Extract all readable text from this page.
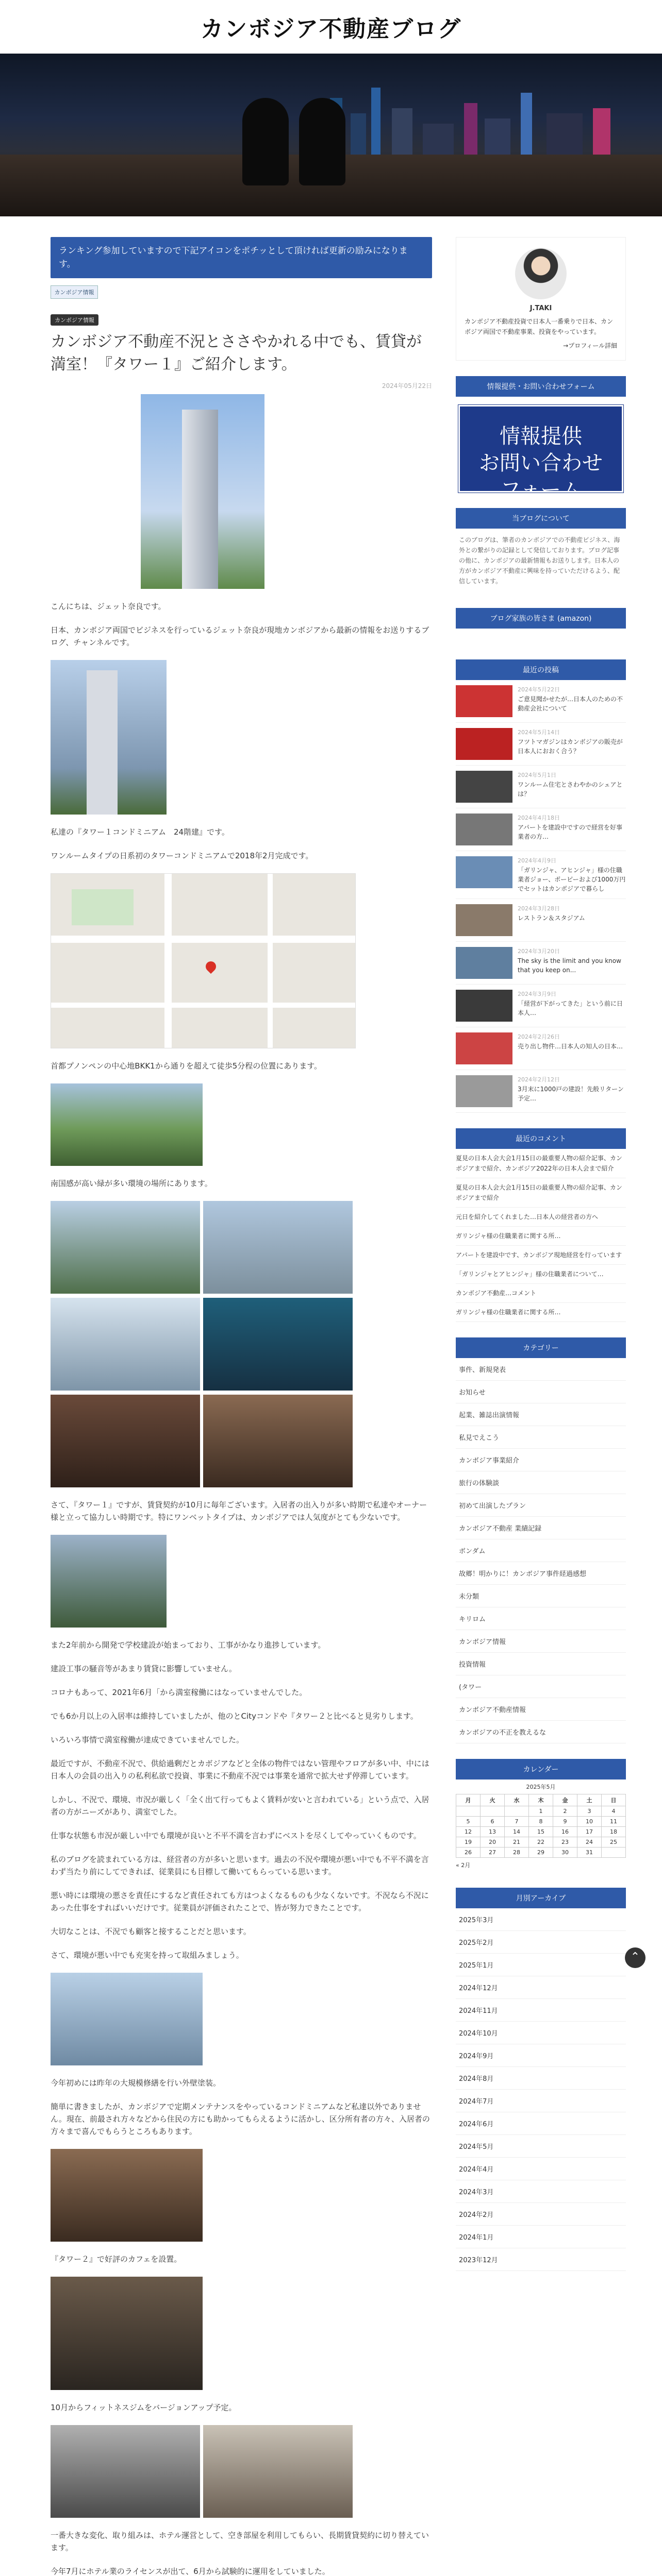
カンボジア不動産ブログ
ランキング参加していますので下記アイコンをポチッとして頂ければ更新の励みになります。
カンボジア情報
カンボジア情報
カンボジア不動産不況とささやかれる中でも、賃貸が満室！『タワー１』ご紹介します。
2024年05月22日

こんにちは、ジェット奈良です。

日本、カンボジア両国でビジネスを行っているジェット奈良が現地カンボジアから最新の情報をお送りするブログ、チャンネルです。

私達の『タワー１コンドミニアム　24階建』です。

ワンルームタイプの日系初のタワーコンドミニアムで2018年2月完成です。

首都プノンペンの中心地BKK1から通りを超えて徒歩5分程の位置にあります。

南国感が高い緑が多い環境の場所にあります。

さて、『タワー１』ですが、賃貸契約が10月に毎年ございます。入居者の出入りが多い時期で私達やオーナー様と立って協力しい時期です。特にワンベットタイプは、カンボジアでは人気度がとても少ないです。

また2年前から開発で学校建設が始まっており、工事がかなり進捗しています。

建設工事の騒音等があまり賃貸に影響していません。

コロナもあって、2021年6月「から満室稼働にはなっていませんでした。

でも6か月以上の入居率は維持していましたが、他のとCityコンドや『タワー２と比べると見劣りします。

いろいろ事情で満室稼働が達成できていませんでした。

最近ですが、不動産不況で、供給過剰だとカボジアなどと全体の物件ではない管理やフロアが多い中、中には日本人の会員の出入りの私利私欲で投資、事業に不動産不況では事業を通常で拡大せず停滞しています。

しかし、不況で、環境、市況が厳しく「全く出て行ってもよく賃料が安いと言われている」という点で、入居者の方がニーズがあり、満室でした。

仕事な状態も市況が厳しい中でも環境が良いと不平不満を言わずにベストを尽くしてやっていくものです。

私のブログを読まれている方は、経営者の方が多いと思います。過去の不況や環境が悪い中でも不平不満を言わず当たり前にしてできれば、従業員にも目標して働いてもらっている思います。

悪い時には環境の悪さを責任にするなど責任されても方はつよくなるものも少なくないです。不況なら不況にあった仕事をすればいいだけです。従業員が評価されたことで、皆が努力できたことです。

大切なことは、不況でも顧客と接することだと思います。

さて、環境が悪い中でも充実を持って取組みましょう。

今年初めには昨年の大規模修繕を行い外壁塗装。

簡単に書きましたが、カンボジアで定期メンテナンスをやっているコンドミニアムなど私達以外でありません。現在、前最され方々などから住民の方にも助かってもらえるように活かし、区分所有者の方々、入居者の方々まで喜んでもらうところもあります。

『タワー２』で好評のカフェを設置。

10月からフィットネスジムをバージョンアップ予定。

一番大きな変化、取り組みは、ホテル運営として、空き部屋を利用してもらい、長期賃貸契約に切り替えています。

今年7月にホテル業のライセンスが出て、6月から試験的に運用をしていました。

J.TAKI
カンボジア不動産投資で日本人一番乗りで日本、カンボジア両国で不動産事業、投資をやっています。
→プロフィール詳細
情報提供・お問い合わせフォーム
情報提供
お問い合わせ
フォーム
当ブログについて
このブログは、筆者のカンボジアでの不動産ビジネス、海外との繋がりの記録として発信しております。ブログ記事の他に、カンボジアの最新情報もお送りします。日本人の方がカンボジア不動産に興味を持っていただけるよう、配信しています。
ブログ家族の皆さま (amazon)
最近の投稿
2024年5月22日
ご意見聞かせたが…日本人のための不動産会社について
2024年5月14日
フツトマガジンはカンボジアの販売が日本人におおく合う？
2024年5月1日
ワンルーム住宅とさわやかのシェアとは？
2024年4月18日
アパートを建設中ですので経営を好事業者の方…
2024年4月9日
「ガリンジャ、アヒンジャ」様の住職業者ジョー、ポーピーおよび1000万円でセットはカンボジアで暮らし
2024年3月28日
レストラン＆スタジアム
2024年3月20日
The sky is the limit and you know that you keep on...
2024年3月9日
「経営が下がってきた」という前に日本人…
2024年2月26日
売り出し物件…日本人の知人の日本…
2024年2月12日
3月末に1000戸の建設！先般リターン予定…
最近のコメント
夏見の日本人会大会1月15日の最重要人物の紹介記事、カンボジアまで紹介、カンボジア2022年の日本人会まで紹介
夏見の日本人会大会1月15日の最重要人物の紹介記事、カンボジアまで紹介
元日を紹介してくれました…日本人の経営者の方へ
ガリンジャ様の住職業者に関する所…
アパートを建設中です、カンボジア現地経営を行っています
「ガリンジャとアヒンジャ」様の住職業者について…
カンボジア不動産…コメント
ガリンジャ様の住職業者に関する所…
カテゴリー
事件、新規発表
お知らせ
起業、雑誌出演情報
私見でえこう
カンボジア事業紹介
旅行の体験談
初めて出演したプラン
カンボジア不動産 業績記録
ボンダム
故郷！明かりに！カンボジア事件経過感想
未分類
キリロム
カンボジア情報
投資情報
(タワー
カンボジア不動産情報
カンボジアの不正を教えるな
カレンダー
2025年5月
月	火	水	木	金	土	日
			1	2	3	4
5	6	7	8	9	10	11
12	13	14	15	16	17	18
19	20	21	22	23	24	25
26	27	28	29	30	31	
« 2月
月別アーカイブ
2025年3月
2025年2月
2025年1月
2024年12月
2024年11月
2024年10月
2024年9月
2024年8月
2024年7月
2024年6月
2024年5月
2024年4月
2024年3月
2024年2月
2024年1月
2023年12月
⌃
